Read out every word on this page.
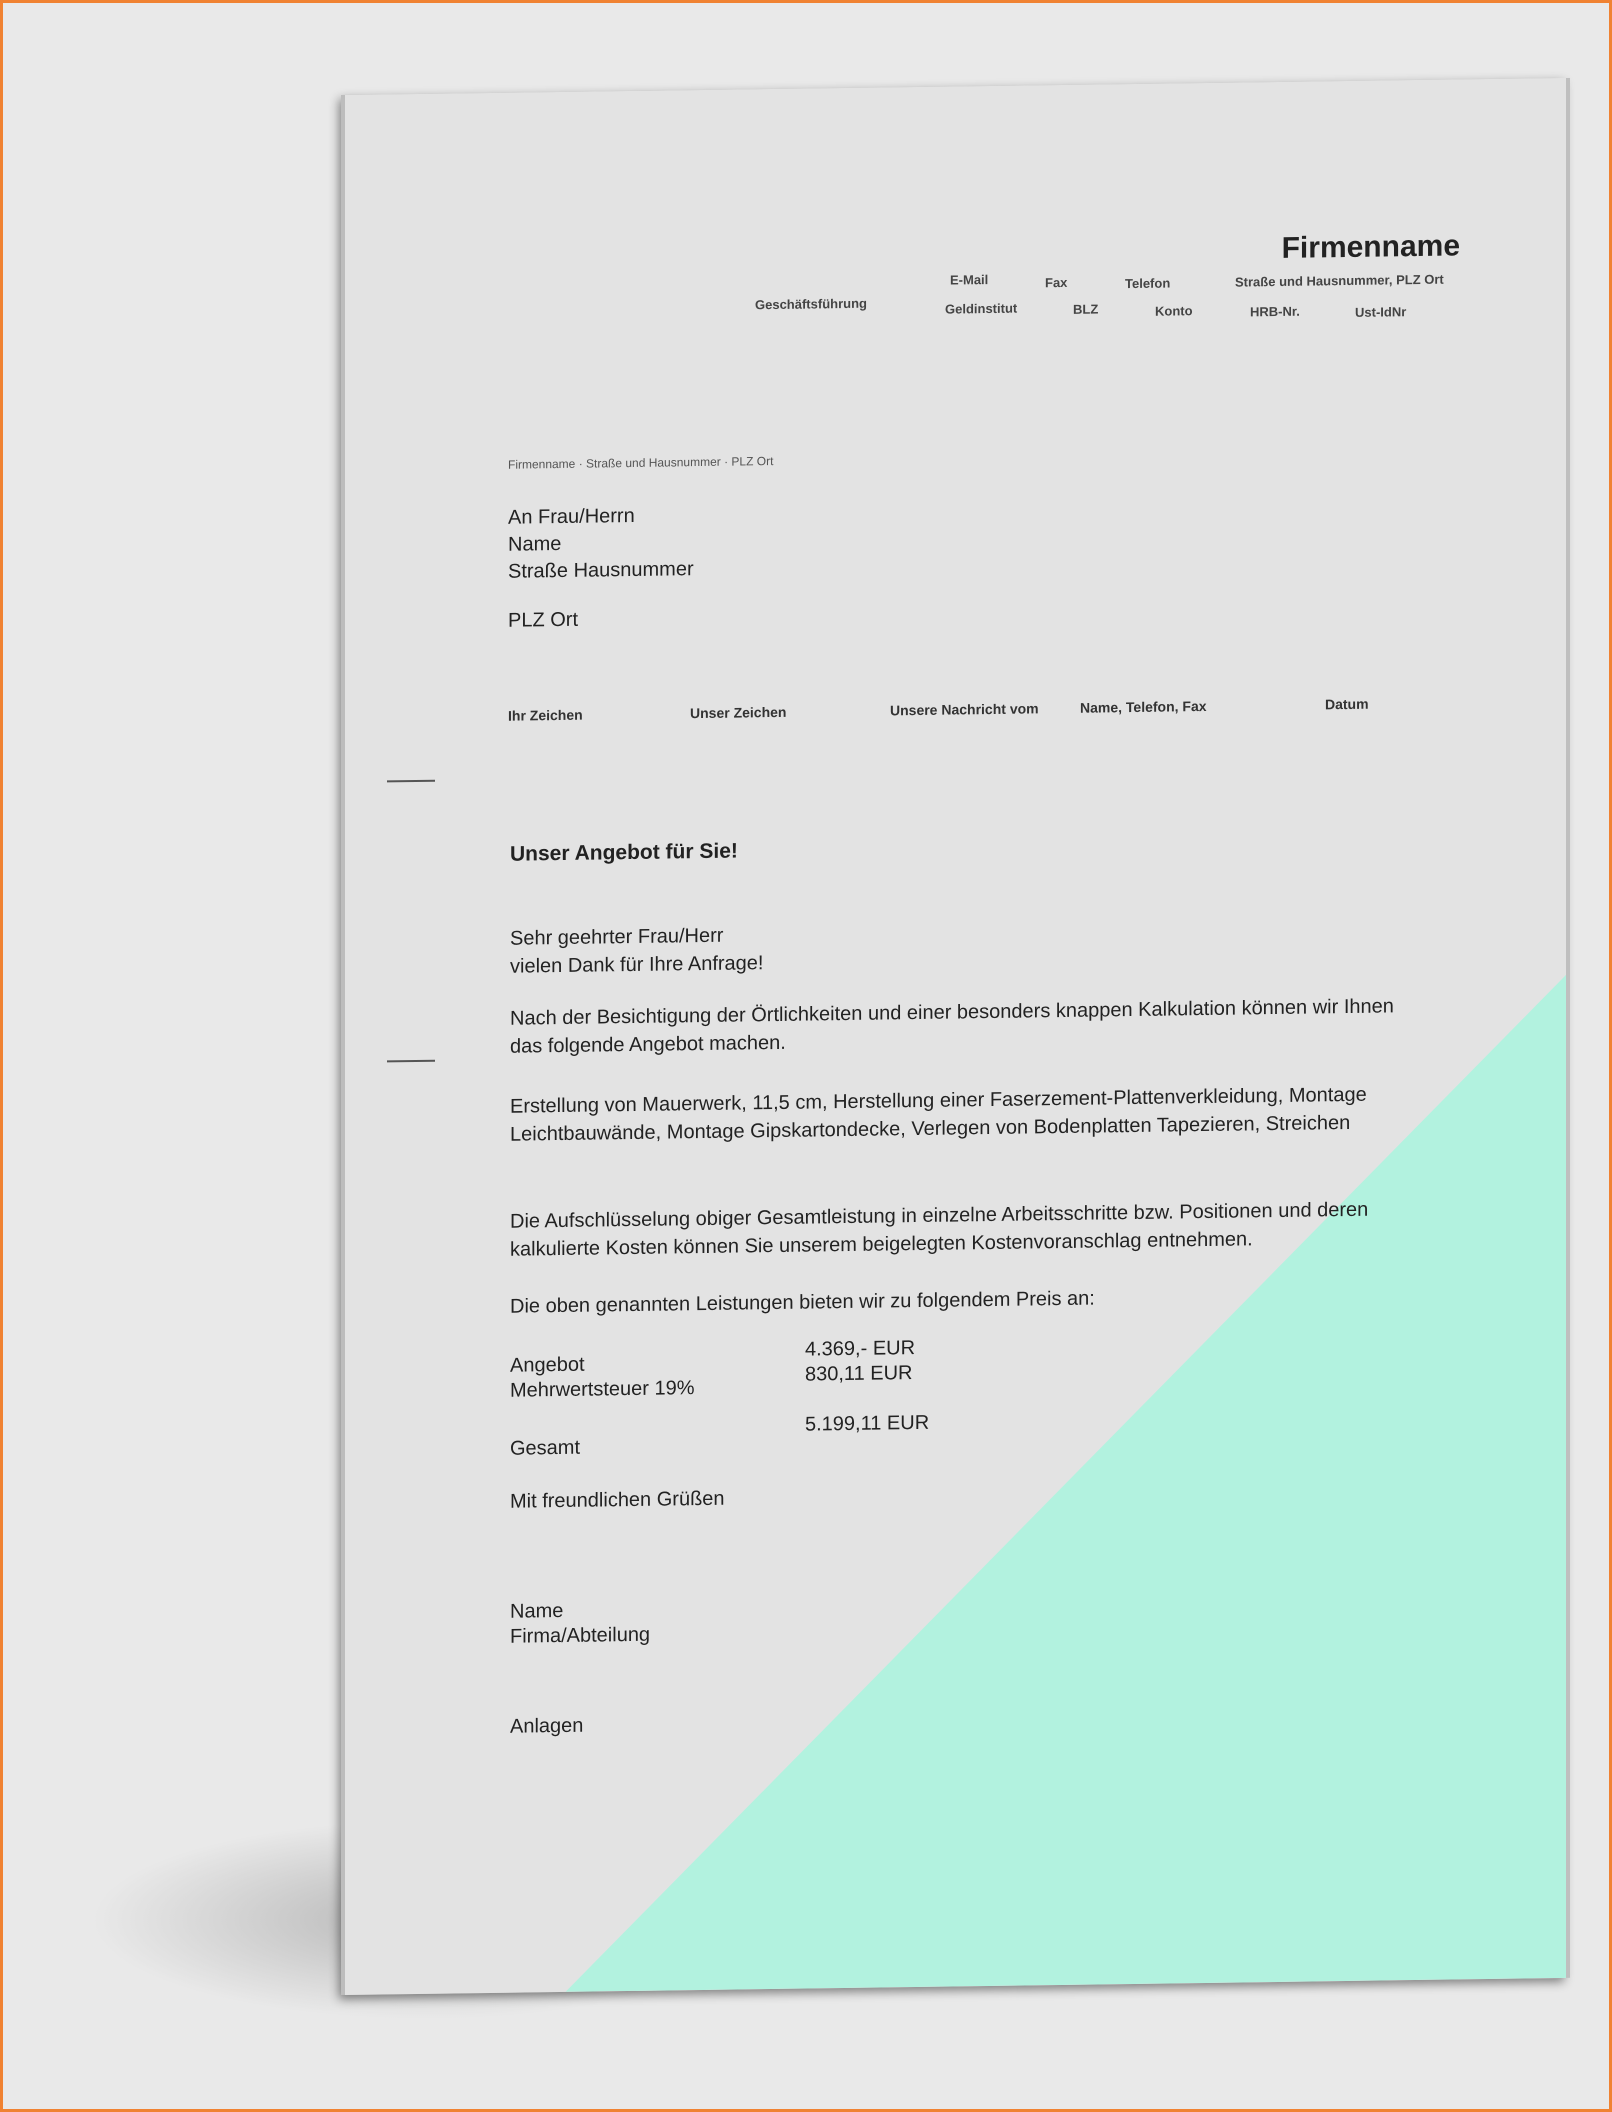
Firmenname
Geschäftsführung
E-Mail
Geldinstitut
Fax
BLZ
Telefon
Konto
Straße und Hausnummer, PLZ Ort
HRB-Nr.	Ust-IdNr
Firmenname · Straße und Hausnummer · PLZ Ort
An Frau/Herrn
Name
Straße Hausnummer
PLZ Ort
Ihr Zeichen	Unser Zeichen	Unsere Nachricht vom	Name, Telefon, Fax	Datum
Unser Angebot für Sie!
Sehr geehrter Frau/Herr
vielen Dank für Ihre Anfrage!
Nach der Besichtigung der Örtlichkeiten und einer besonders knappen Kalkulation können wir Ihnen das folgende Angebot machen.
Erstellung von Mauerwerk, 11,5 cm, Herstellung einer Faserzement-Plattenverkleidung, Montage Leichtbauwände, Montage Gipskartondecke, Verlegen von Bodenplatten Tapezieren, Streichen
Die Aufschlüsselung obiger Gesamtleistung in einzelne Arbeitsschritte bzw. Positionen und deren kalkulierte Kosten können Sie unserem beigelegten Kostenvoranschlag entnehmen.
Die oben genannten Leistungen bieten wir zu folgendem Preis an:
Angebot
4.369,- EUR
Mehrwertsteuer 19%
830,11 EUR
Gesamt
5.199,11 EUR
Mit freundlichen Grüßen
Name
Firma/Abteilung
Anlagen
